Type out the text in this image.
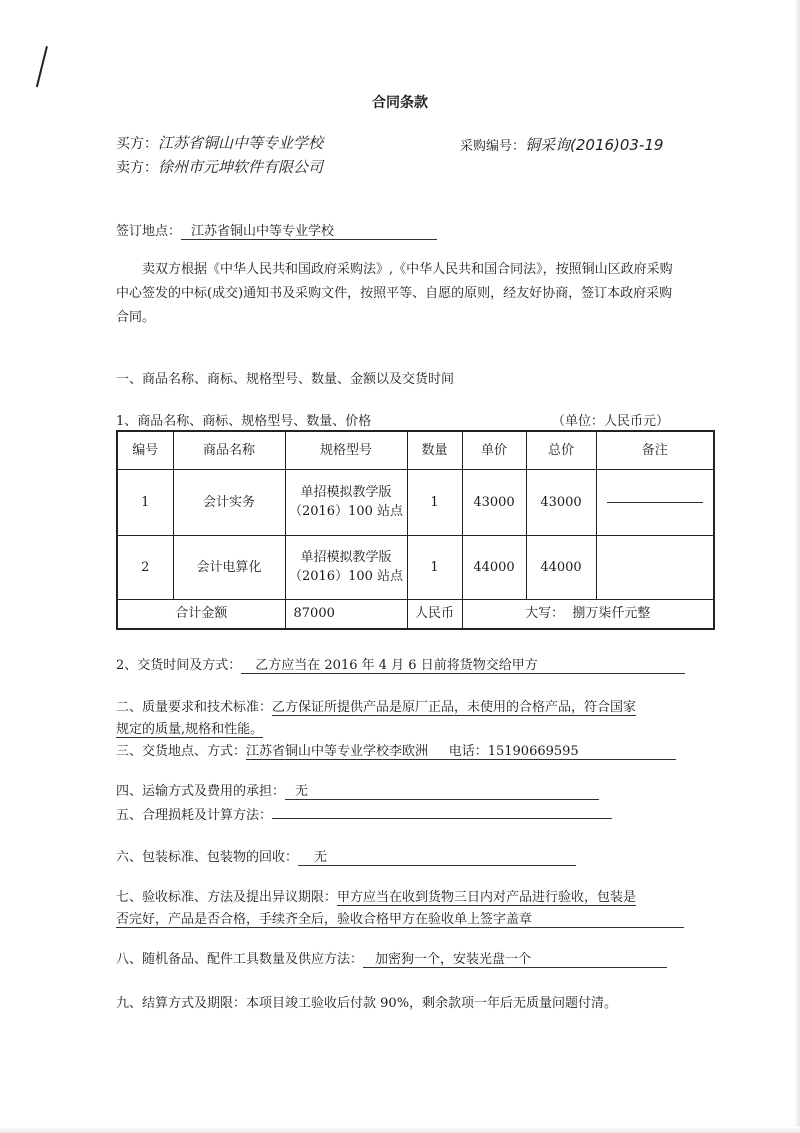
合同条款
买方：江苏省铜山中等专业学校
卖方：徐州市元坤软件有限公司
采购编号：铜采询(2016)03-19
签订地点： 江苏省铜山中等专业学校
卖双方根据《中华人民共和国政府采购法》,《中华人民共和国合同法》，按照铜山区政府采购中心签发的中标(成交)通知书及采购文件，按照平等、自愿的原则，经友好协商，签订本政府采购合同。
一、商品名称、商标、规格型号、数量、金额以及交货时间
1、商品名称、商标、规格型号、数量、价格	（单位：人民币元）
编号	商品名称	规格型号	数量	单价	总价	备注
1	会计实务	单招模拟教学版（2016）100 站点	1	43000	43000	
2	会计电算化	单招模拟教学版（2016）100 站点	1	44000	44000	
合计金额		87000	人民币	大写： 捌万柒仟元整		
2、交货时间及方式： 乙方应当在 2016 年 4 月 6 日前将货物交给甲方
二、质量要求和技术标准：乙方保证所提供产品是原厂正品，未使用的合格产品，符合国家
规定的质量,规格和性能。
三、交货地点、方式：江苏省铜山中等专业学校李欧洲 电话：15190669595
四、运输方式及费用的承担： 无
五、合理损耗及计算方法：
六、包装标准、包装物的回收： 无
七、验收标准、方法及提出异议期限：甲方应当在收到货物三日内对产品进行验收，包装是
否完好，产品是否合格，手续齐全后，验收合格甲方在验收单上签字盖章
八、随机备品、配件工具数量及供应方法： 加密狗一个，安装光盘一个
九、结算方式及期限：本项目竣工验收后付款 90%，剩余款项一年后无质量问题付清。
